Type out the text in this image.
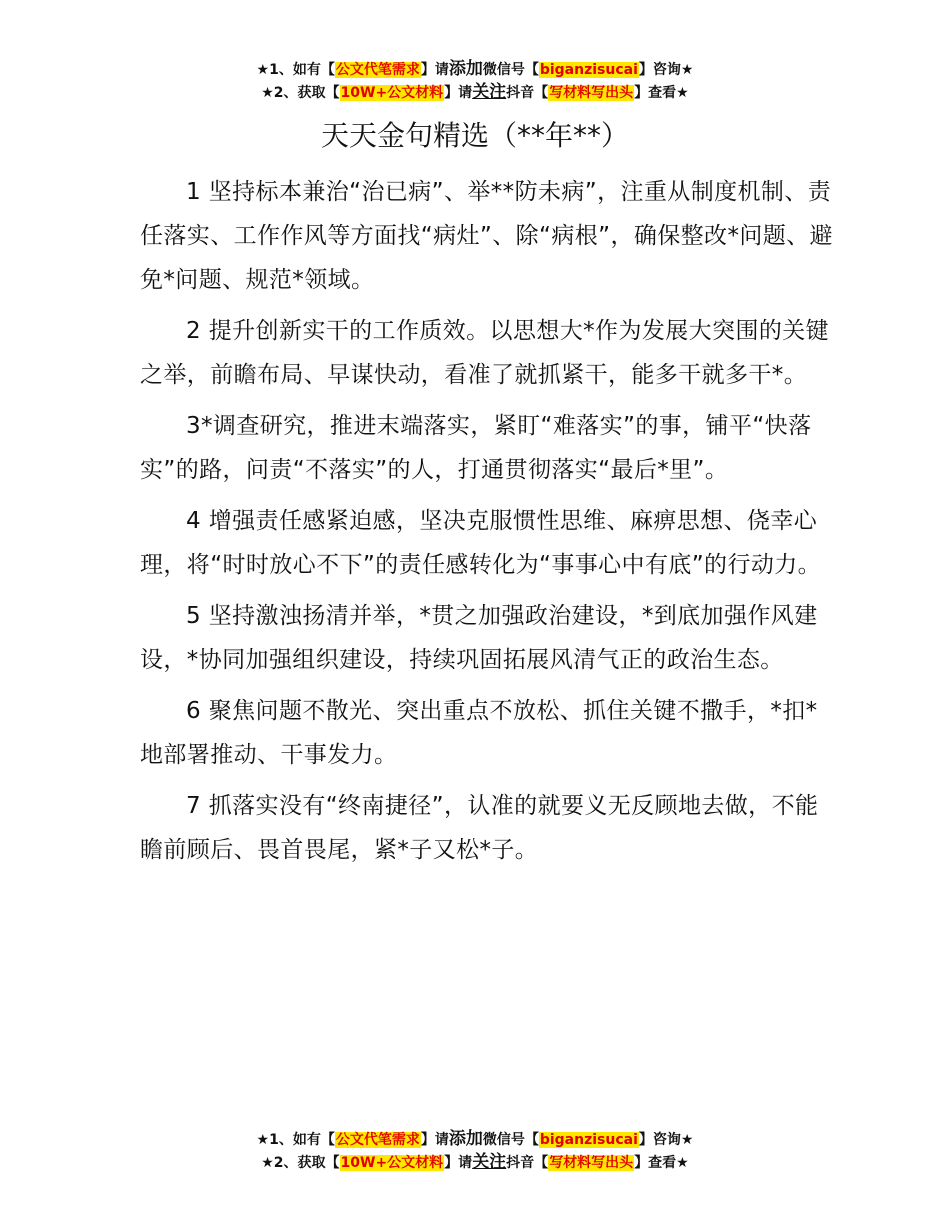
★1、如有【公文代笔需求】请添加微信号【biganzisucai】咨询★
★2、获取【10W+公文材料】请关注抖音【写材料写出头】查看★
天天金句精选（**年**）

1 坚持标本兼治“治已病”、举**防未病”，注重从制度机制、责任落实、工作作风等方面找“病灶”、除“病根”，确保整改*问题、避免*问题、规范*领域。

2 提升创新实干的工作质效。以思想大*作为发展大突围的关键之举，前瞻布局、早谋快动，看准了就抓紧干，能多干就多干*。

3*调查研究，推进末端落实，紧盯“难落实”的事，铺平“快落实”的路，问责“不落实”的人，打通贯彻落实“最后*里”。

4 增强责任感紧迫感，坚决克服惯性思维、麻痹思想、侥幸心理，将“时时放心不下”的责任感转化为“事事心中有底”的行动力。

5 坚持激浊扬清并举，*贯之加强政治建设，*到底加强作风建设，*协同加强组织建设，持续巩固拓展风清气正的政治生态。

6 聚焦问题不散光、突出重点不放松、抓住关键不撒手，*扣*地部署推动、干事发力。

7 抓落实没有“终南捷径”，认准的就要义无反顾地去做，不能瞻前顾后、畏首畏尾，紧*子又松*子。

★1、如有【公文代笔需求】请添加微信号【biganzisucai】咨询★
★2、获取【10W+公文材料】请关注抖音【写材料写出头】查看★
